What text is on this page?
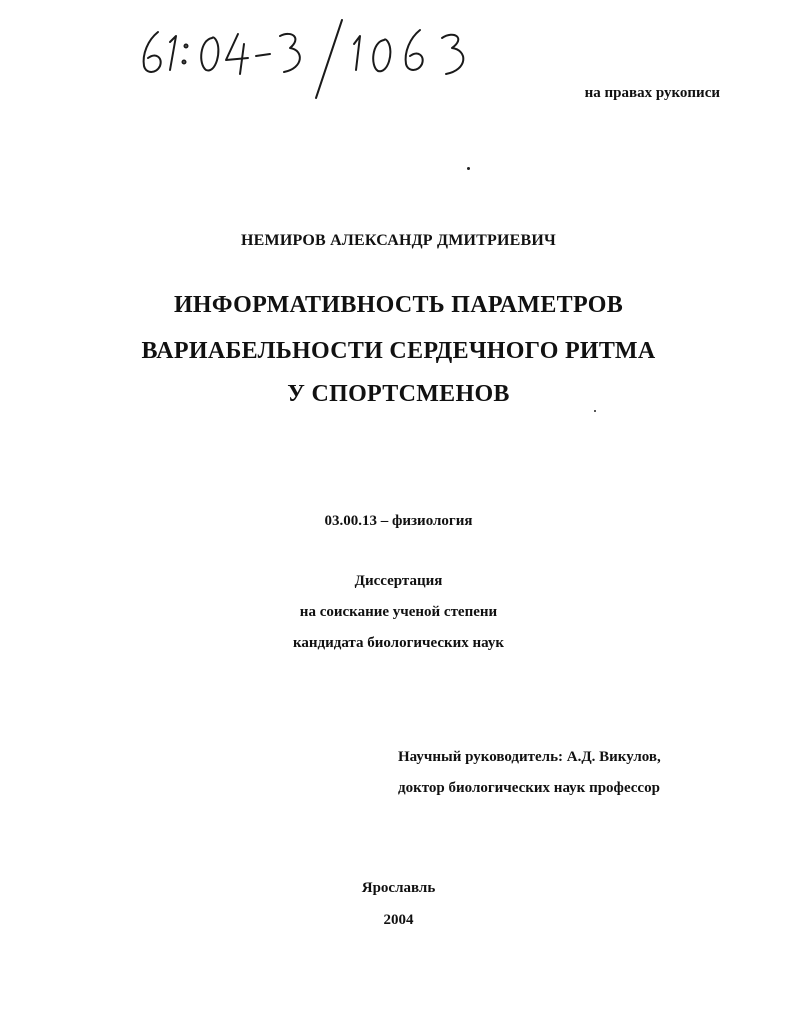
на правах рукописи
НЕМИРОВ АЛЕКСАНДР ДМИТРИЕВИЧ
ИНФОРМАТИВНОСТЬ ПАРАМЕТРОВ
ВАРИАБЕЛЬНОСТИ СЕРДЕЧНОГО РИТМА
У СПОРТСМЕНОВ
03.00.13 – физиология
Диссертация
на соискание ученой степени
кандидата биологических наук
Научный руководитель: А.Д. Викулов,
доктор биологических наук профессор
Ярославль
2004
